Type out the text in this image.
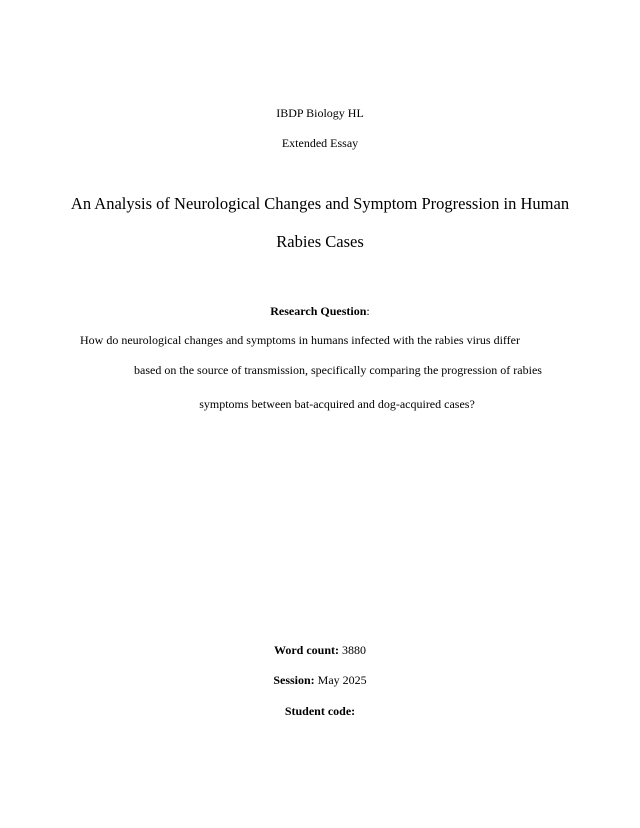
IBDP Biology HL
Extended Essay
An Analysis of Neurological Changes and Symptom Progression in Human
Rabies Cases
Research Question:
How do neurological changes and symptoms in humans infected with the rabies virus differ
based on the source of transmission, specifically comparing the progression of rabies
symptoms between bat-acquired and dog-acquired cases?
Word count: 3880
Session: May 2025
Student code:
